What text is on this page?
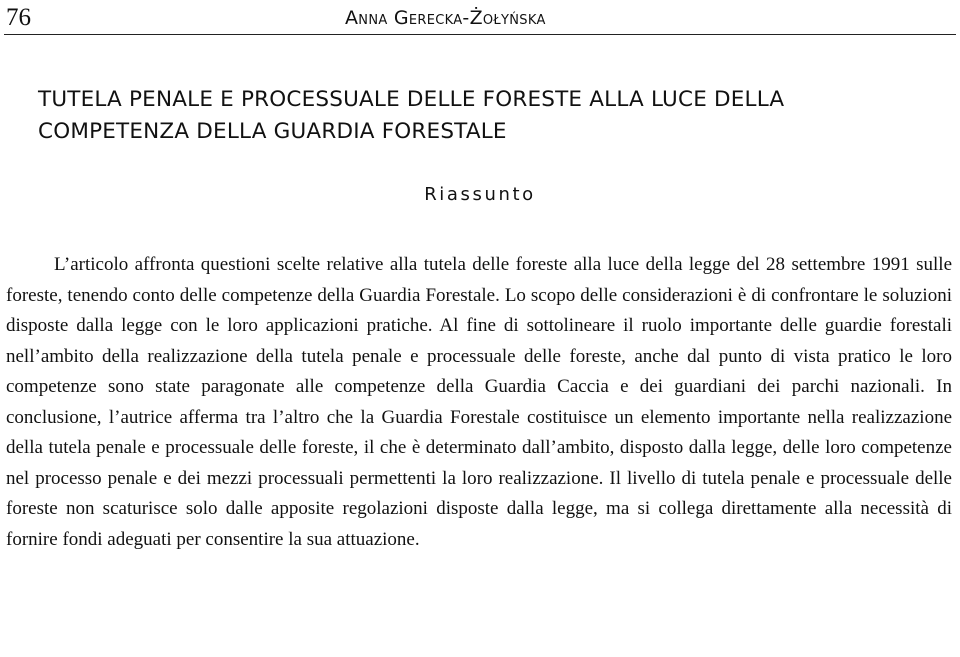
76	Anna Gerecka-Żołyńska
TUTELA PENALE E PROCESSUALE DELLE FORESTE ALLA LUCE DELLA COMPETENZA DELLA GUARDIA FORESTALE
Riassunto

L’articolo affronta questioni scelte relative alla tutela delle foreste alla luce della legge del 28 settembre 1991 sulle foreste, tenendo conto delle competenze della Guardia Forestale. Lo scopo delle considerazioni è di confrontare le soluzioni disposte dalla legge con le loro applicazioni pratiche. Al fine di sottolineare il ruolo importante delle guardie forestali nell’ambito della realizzazione della tutela penale e processuale delle foreste, anche dal punto di vista pratico le loro competenze sono state paragonate alle competenze della Guardia Caccia e dei guardiani dei parchi nazionali. In conclusione, l’autrice afferma tra l’altro che la Guardia Forestale costituisce un elemento importante nella realizzazione della tutela penale e processuale delle foreste, il che è determinato dall’ambito, disposto dalla legge, delle loro competenze nel processo penale e dei mezzi processuali permettenti la loro realizzazione. Il livello di tutela penale e processuale delle foreste non scaturisce solo dalle apposite regolazioni disposte dalla legge, ma si collega direttamente alla necessità di fornire fondi adeguati per consentire la sua attuazione.
